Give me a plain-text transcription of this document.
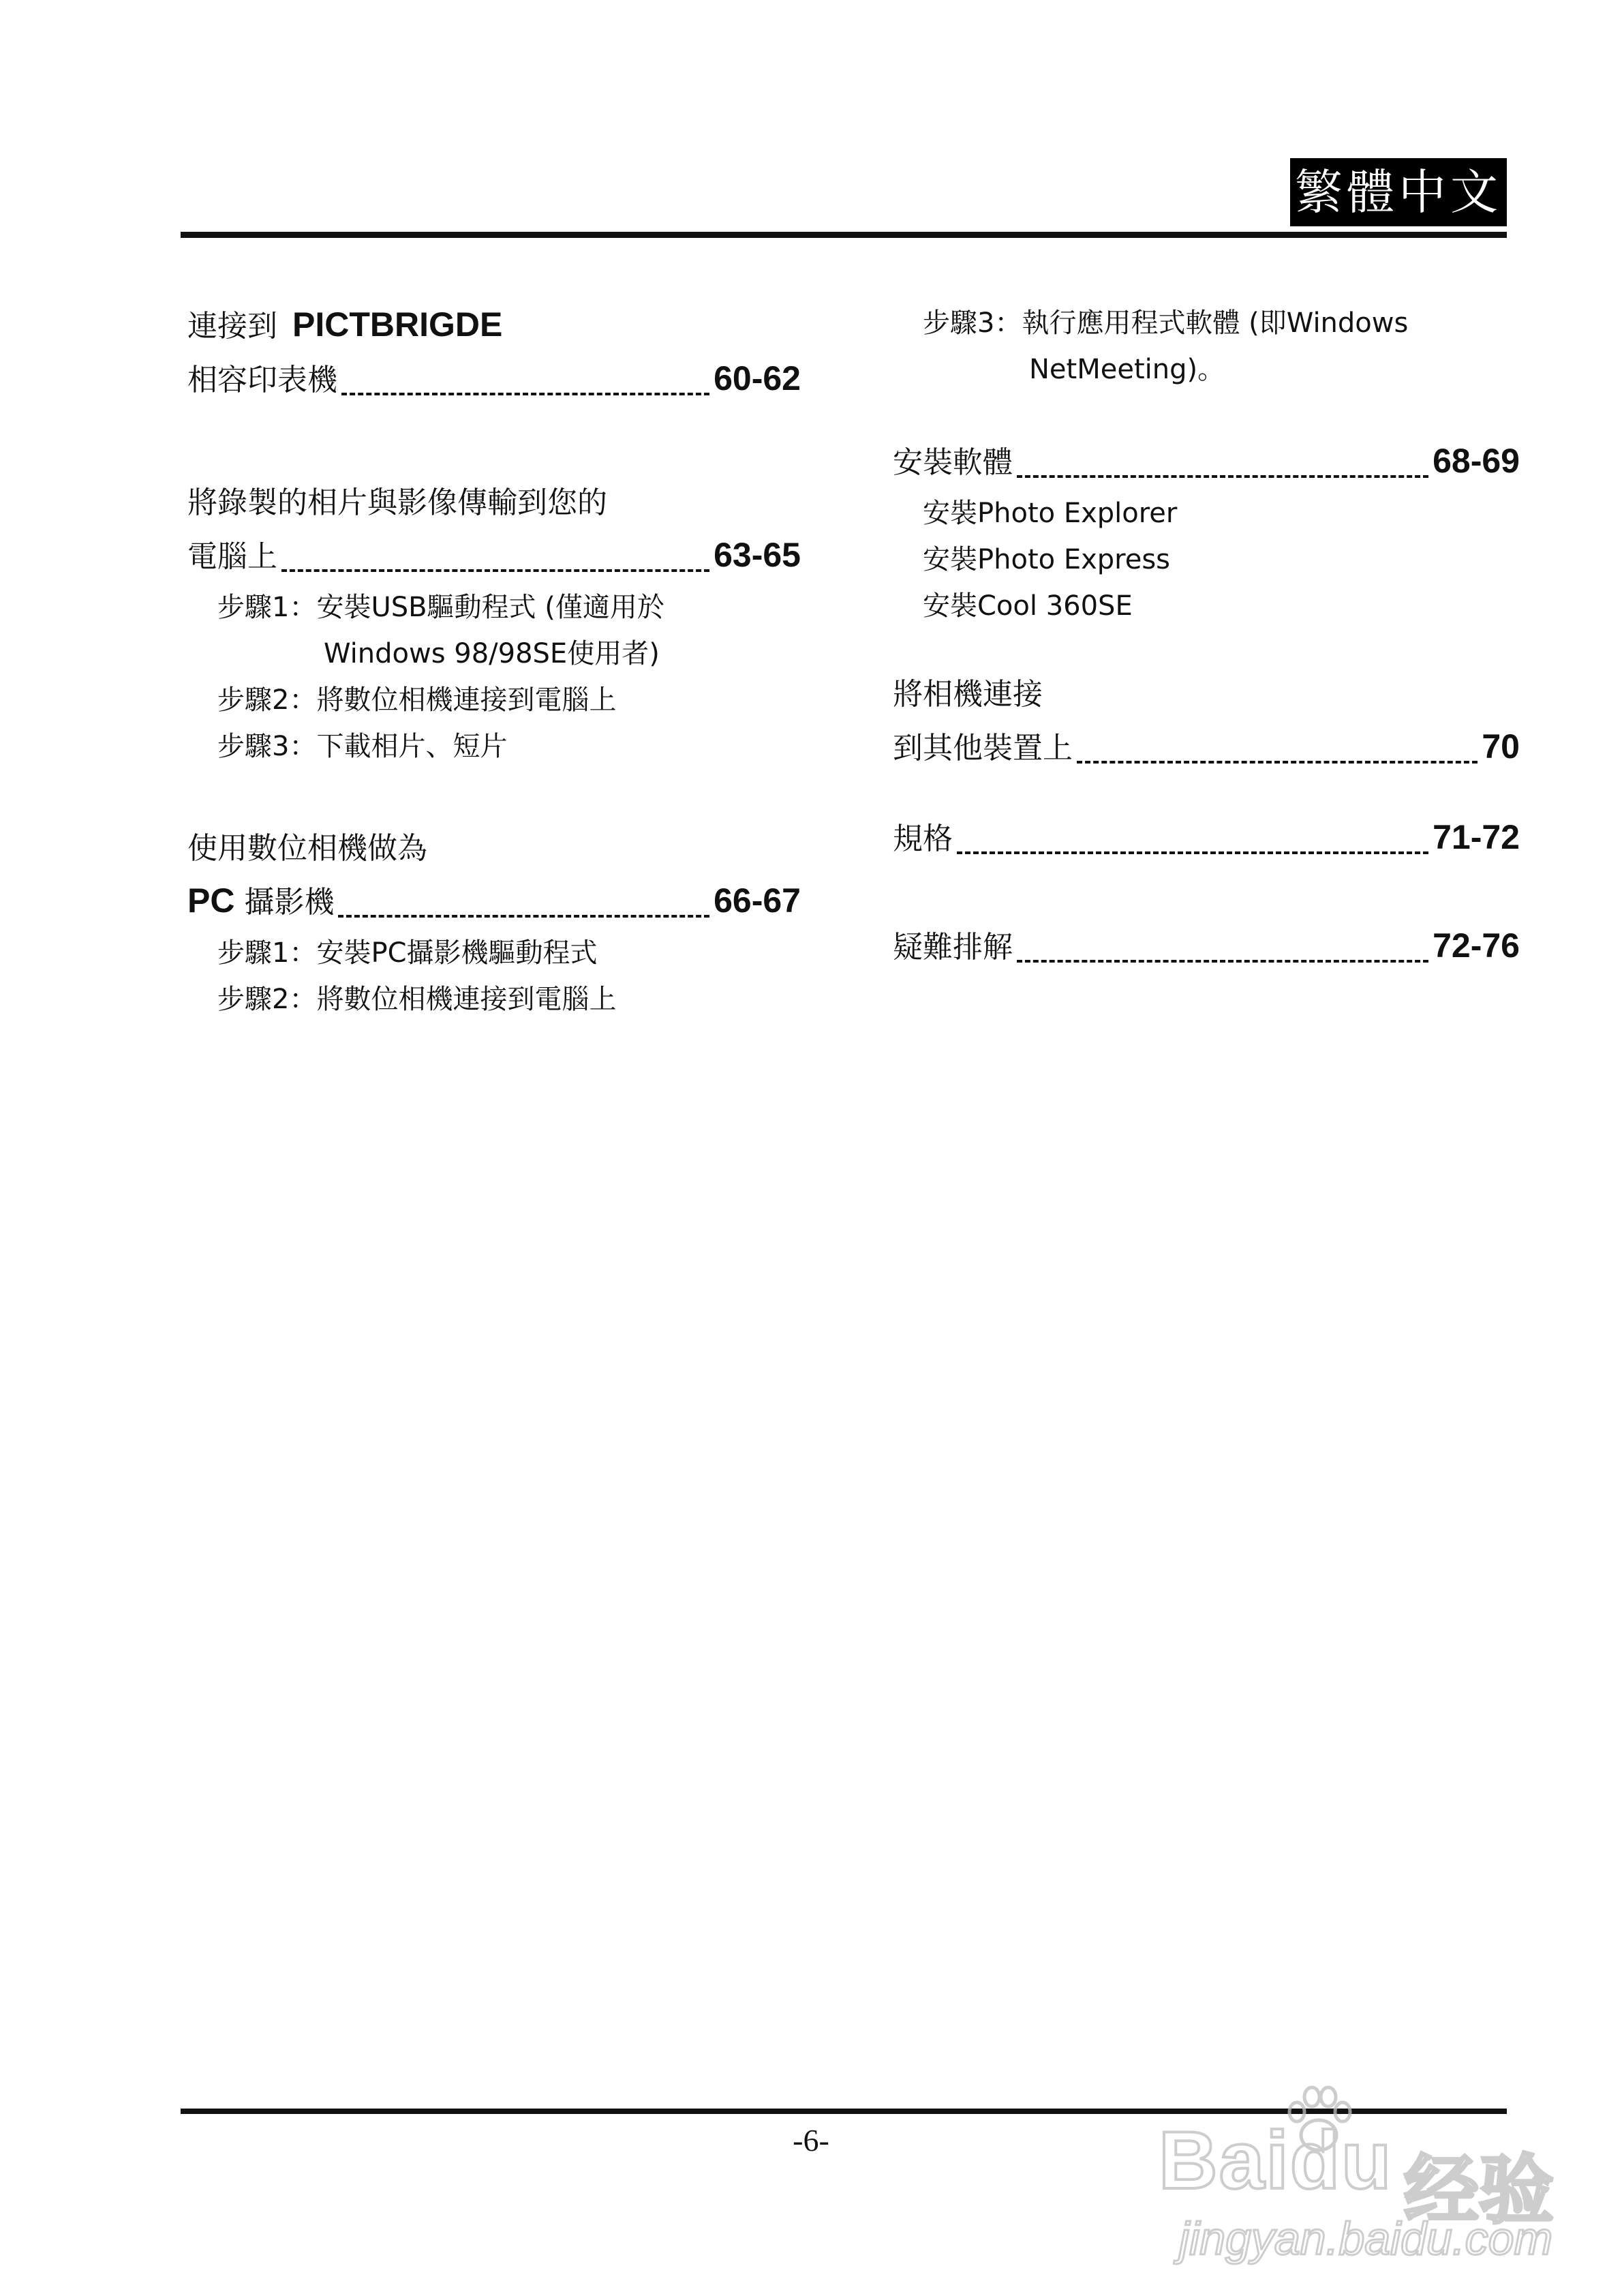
繁體中文
連接到 PICTBRIGDE
相容印表機	60-62
將錄製的相片與影像傳輸到您的
電腦上	63-65
步驟1：安裝USB驅動程式 (僅適用於
Windows 98/98SE使用者)
步驟2：將數位相機連接到電腦上
步驟3：下載相片、短片
使用數位相機做為
PC 攝影機	66-67
步驟1：安裝PC攝影機驅動程式
步驟2：將數位相機連接到電腦上
步驟3：執行應用程式軟體 (即Windows
NetMeeting)。
安裝軟體	68-69
安裝Photo Explorer
安裝Photo Express
安裝Cool 360SE
將相機連接
到其他裝置上	70
規格	71-72
疑難排解	72-76
-6-	Baidu 经验
jingyan.baidu.com
